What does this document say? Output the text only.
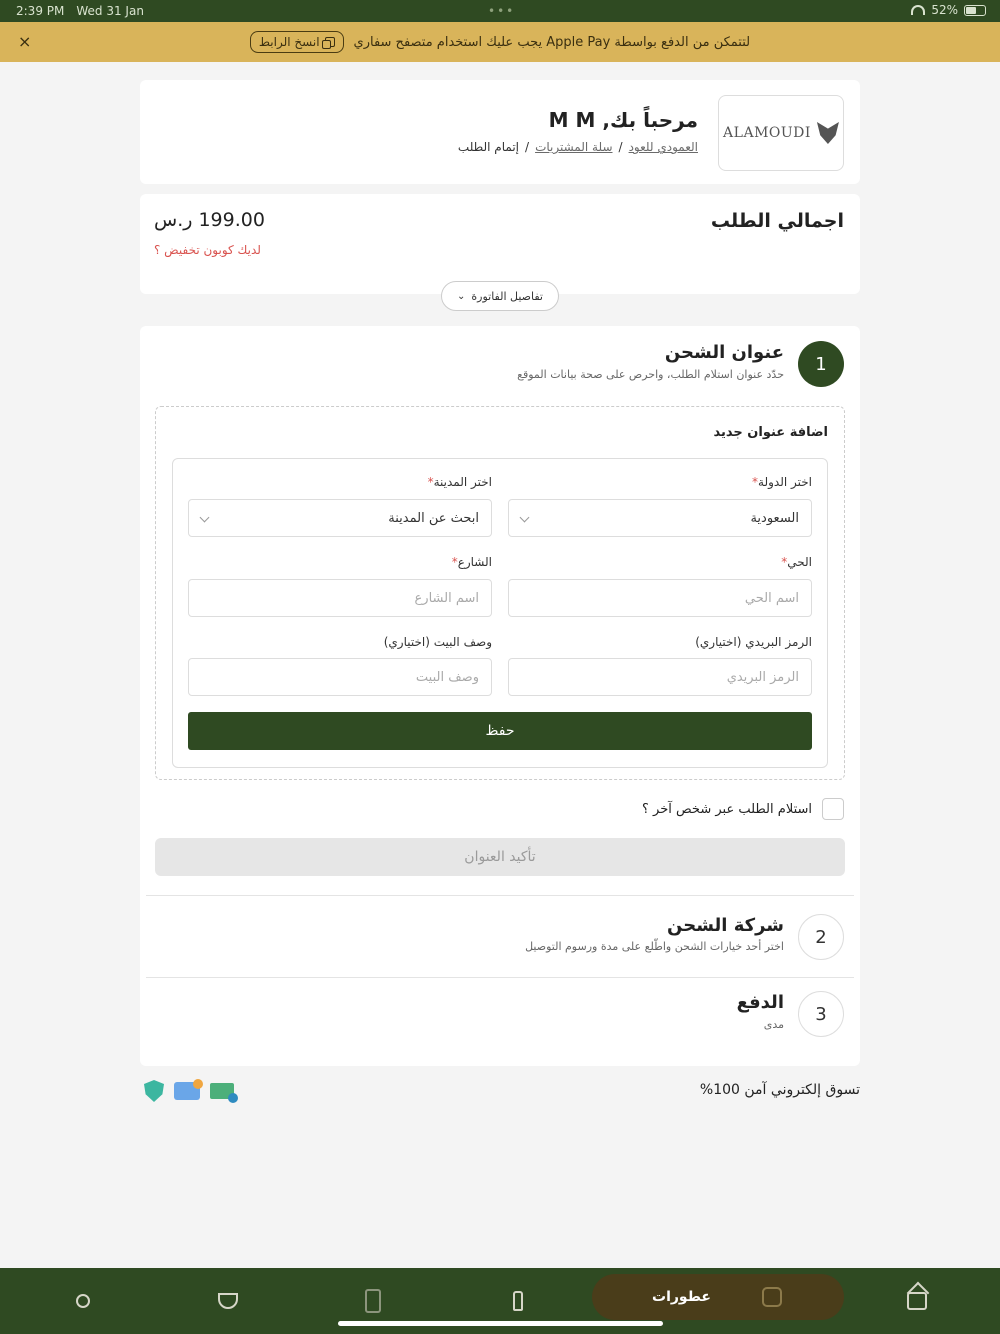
2:39 PM Wed 31 Jan	•••	52%
لتتمكن من الدفع بواسطة Apple Pay يجب عليك استخدام متصفح سفاري
انسخ الرابط
×
ALAMOUDI
مرحباً بك, M M
العمودي للعود
/
سلة المشتريات
/
إتمام الطلب
اجمالي الطلب
199.00 ر.س
لديك كوبون تخفيض ؟
تفاصيل الفاتورة
⌄
1
عنوان الشحن
حدّد عنوان استلام الطلب، واحرص على صحة بيانات الموقع
اضافة عنوان جديد
اختر الدولة*
السعودية
اختر المدينة*
ابحث عن المدينة
الحي*
اسم الحي
الشارع*
اسم الشارع
الرمز البريدي (اختياري)
الرمز البريدي
وصف البيت (اختياري)
وصف البيت
حفظ
استلام الطلب عبر شخص آخر ؟
تأكيد العنوان
2
شركة الشحن
اختر أحد خيارات الشحن واطّلع على مدة ورسوم التوصيل
3
الدفع
مدى
تسوق إلكتروني آمن 100%
عطورات
